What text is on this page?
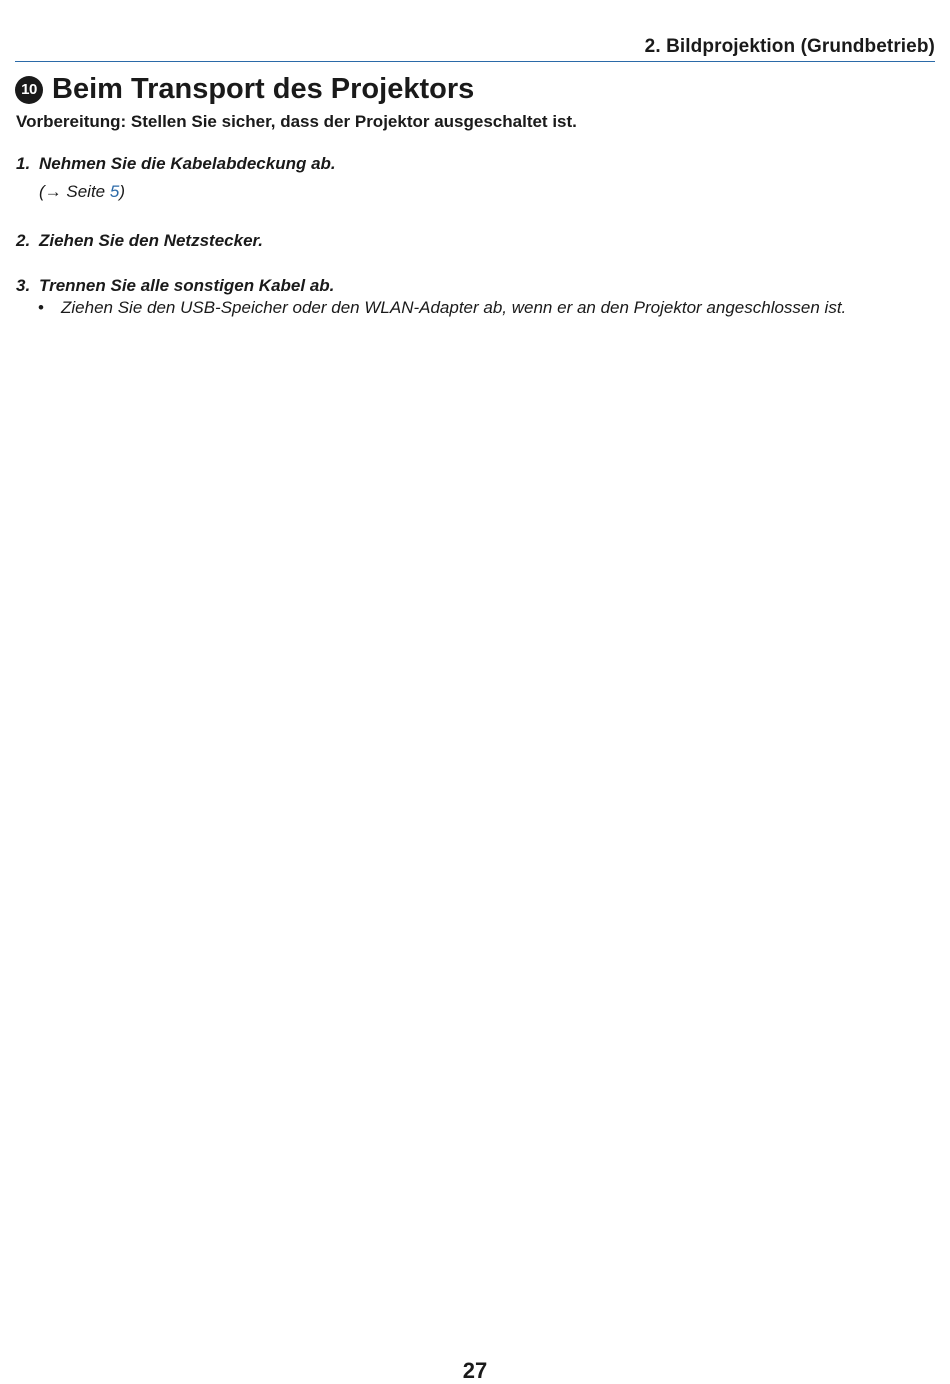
2. Bildprojektion (Grundbetrieb)
10 Beim Transport des Projektors
Vorbereitung: Stellen Sie sicher, dass der Projektor ausgeschaltet ist.
1. Nehmen Sie die Kabelabdeckung ab.
(→ Seite 5)
2. Ziehen Sie den Netzstecker.
3. Trennen Sie alle sonstigen Kabel ab.
• Ziehen Sie den USB-Speicher oder den WLAN-Adapter ab, wenn er an den Projektor angeschlossen ist.
27
